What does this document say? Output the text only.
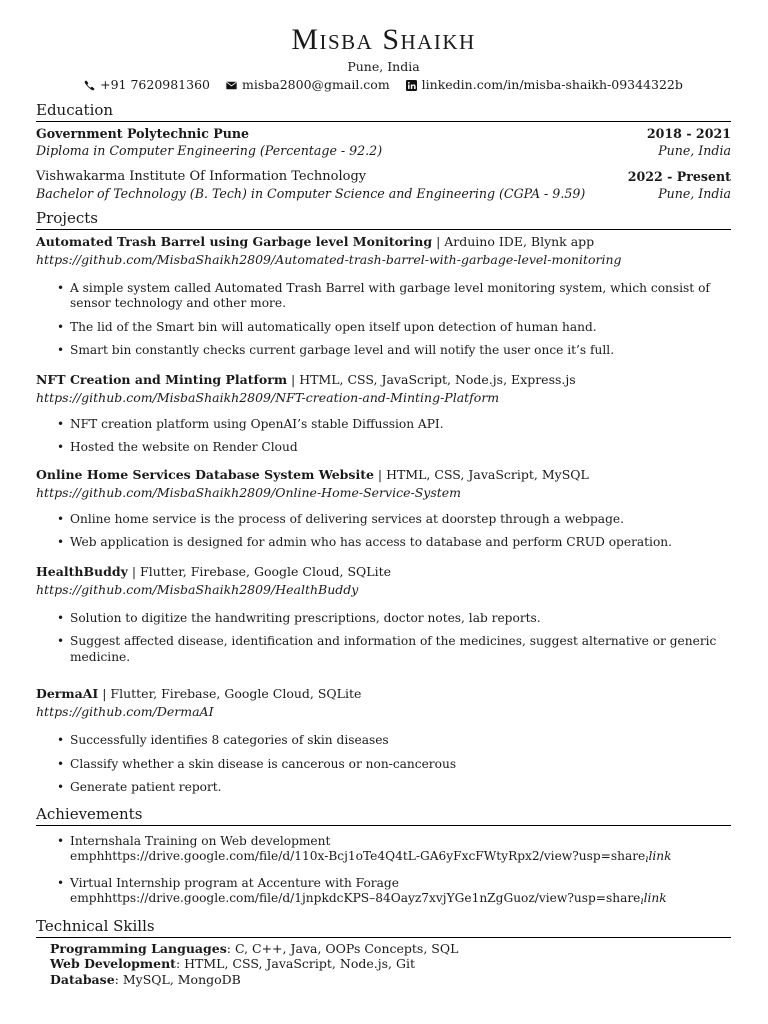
Misba Shaikh
Pune, India
+91 7620981360
	misba2800@gmail.com
	linkedin.com/in/misba-shaikh-09344322b
Education
Government Polytechnic Pune	2018 - 2021
Diploma in Computer Engineering (Percentage - 92.2)	Pune, India
Vishwakarma Institute Of Information Technology	2022 - Present
Bachelor of Technology (B. Tech) in Computer Science and Engineering (CGPA - 9.59)	Pune, India
Projects
Automated Trash Barrel using Garbage level Monitoring | Arduino IDE, Blynk app
https://github.com/MisbaShaikh2809/Automated-trash-barrel-with-garbage-level-monitoring
• A simple system called Automated Trash Barrel with garbage level monitoring system, which consist of sensor technology and other more.
• The lid of the Smart bin will automatically open itself upon detection of human hand.
• Smart bin constantly checks current garbage level and will notify the user once it’s full.
NFT Creation and Minting Platform | HTML, CSS, JavaScript, Node.js, Express.js
https://github.com/MisbaShaikh2809/NFT-creation-and-Minting-Platform
• NFT creation platform using OpenAI’s stable Diffussion API.
• Hosted the website on Render Cloud
Online Home Services Database System Website | HTML, CSS, JavaScript, MySQL
https://github.com/MisbaShaikh2809/Online-Home-Service-System
• Online home service is the process of delivering services at doorstep through a webpage.
• Web application is designed for admin who has access to database and perform CRUD operation.
HealthBuddy | Flutter, Firebase, Google Cloud, SQLite
https://github.com/MisbaShaikh2809/HealthBuddy
• Solution to digitize the handwriting prescriptions, doctor notes, lab reports.
• Suggest affected disease, identification and information of the medicines, suggest alternative or generic medicine.
DermaAI | Flutter, Firebase, Google Cloud, SQLite
https://github.com/DermaAI
• Successfully identifies 8 categories of skin diseases
• Classify whether a skin disease is cancerous or non-cancerous
• Generate patient report.
Achievements
• Internshala Training on Web development
emphhttps://drive.google.com/file/d/110x-Bcj1oTe4Q4tL-GA6yFxcFWtyRpx2/view?usp=shareılink
• Virtual Internship program at Accenture with Forage
emphhttps://drive.google.com/file/d/1jnpkdcKPS–84Oayz7xvjYGe1nZgGuoz/view?usp=shareılink
Technical Skills
Programming Languages: C, C++, Java, OOPs Concepts, SQL
Web Development: HTML, CSS, JavaScript, Node.js, Git
Database: MySQL, MongoDB
